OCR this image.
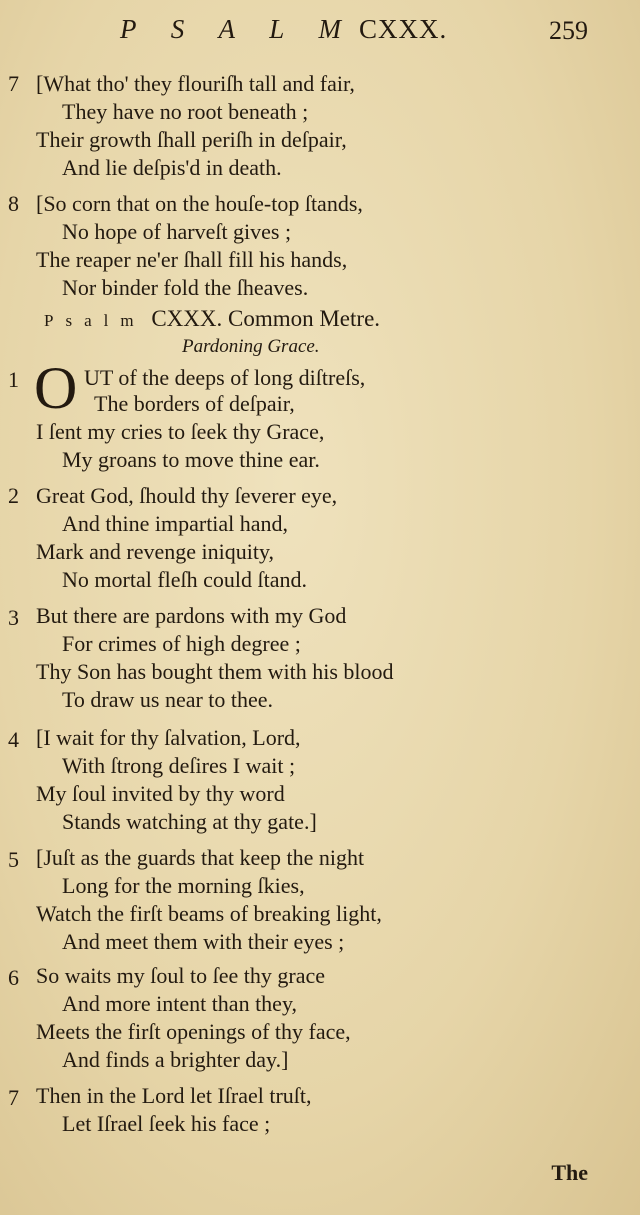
P S A L M CXXX.	259
7 [What tho' they flouriſh tall and fair,
They have no root beneath ;
Their growth ſhall periſh in deſpair,
And lie deſpis'd in death.
8 [So corn that on the houſe-top ſtands,
No hope of harveſt gives ;
The reaper ne'er ſhall fill his hands,
Nor binder fold the ſheaves.
Psalm CXXX. Common Metre.
Pardoning Grace.
1 O UT of the deeps of long diſtreſs,
The borders of deſpair,
I ſent my cries to ſeek thy Grace,
My groans to move thine ear.
2 Great God, ſhould thy ſeverer eye,
And thine impartial hand,
Mark and revenge iniquity,
No mortal fleſh could ſtand.
3 But there are pardons with my God
For crimes of high degree ;
Thy Son has bought them with his blood
To draw us near to thee.
4 [I wait for thy ſalvation, Lord,
With ſtrong deſires I wait ;
My ſoul invited by thy word
Stands watching at thy gate.]
5 [Juſt as the guards that keep the night
Long for the morning ſkies,
Watch the firſt beams of breaking light,
And meet them with their eyes ;
6 So waits my ſoul to ſee thy grace
And more intent than they,
Meets the firſt openings of thy face,
And finds a brighter day.]
7 Then in the Lord let Iſrael truſt,
Let Iſrael ſeek his face ;
The
